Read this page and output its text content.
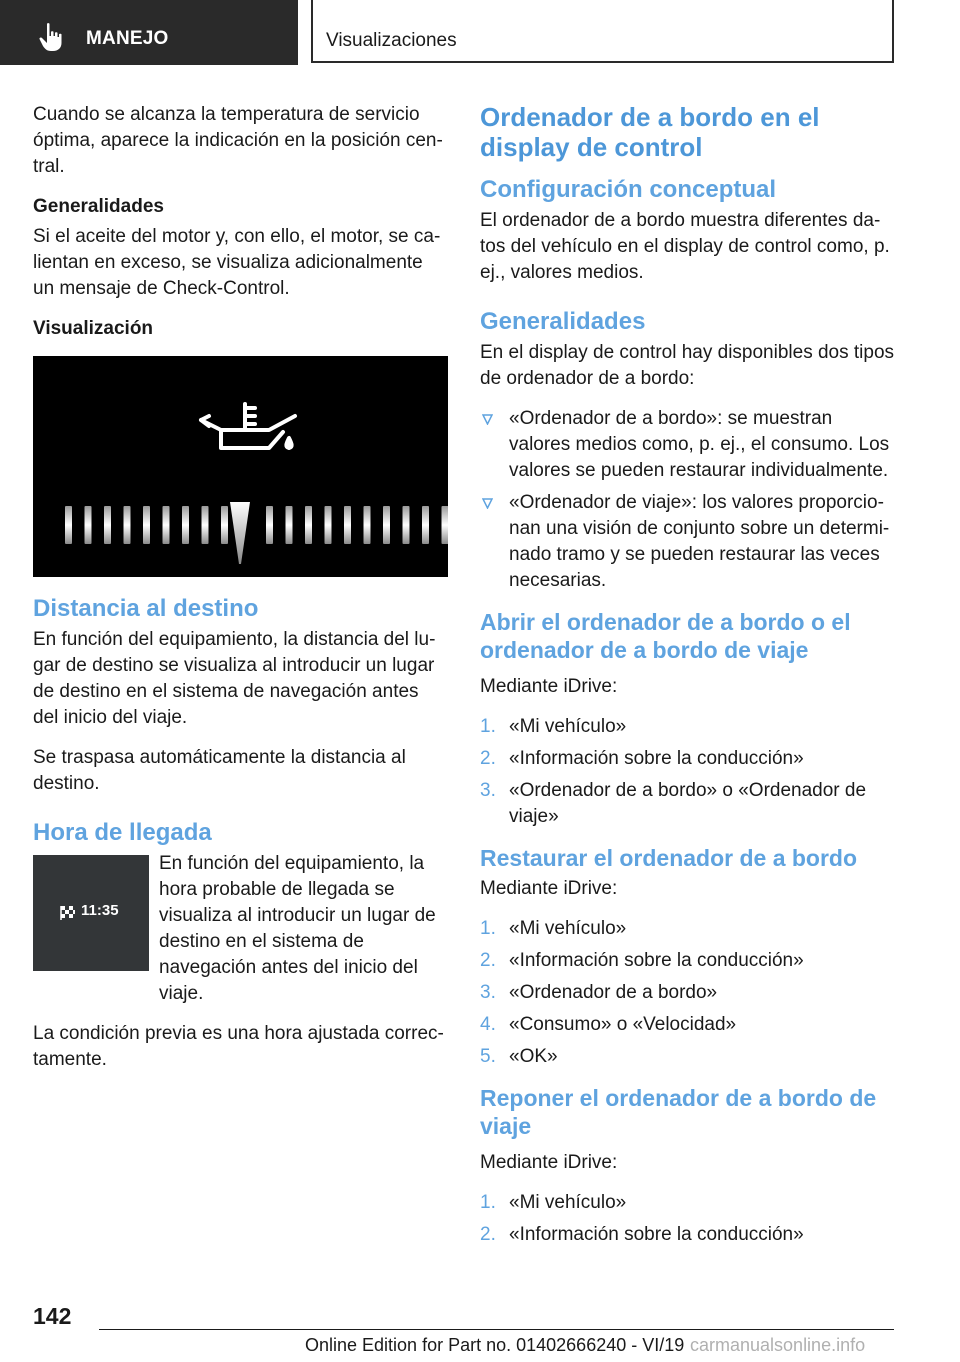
MANEJO	Visualizaciones

Cuando se alcanza la temperatura de servicio óptima, aparece la indicación en la posición central.

Generalidades

Si el aceite del motor y, con ello, el motor, se calientan en exceso, se visualiza adicionalmente un mensaje de Check-Control.

Visualización

Distancia al destino

En función del equipamiento, la distancia del lugar de destino se visualiza al introducir un lugar de destino en el sistema de navegación antes del inicio del viaje.

Se traspasa automáticamente la distancia al destino.

Hora de llegada

11:35

En función del equipamiento, la hora probable de llegada se visualiza al introducir un lugar de destino en el sistema de navegación antes del inicio del viaje.

La condición previa es una hora ajustada correctamente.

Ordenador de a bordo en el display de control

Configuración conceptual

El ordenador de a bordo muestra diferentes datos del vehículo en el display de control como, p. ej., valores medios.

Generalidades

En el display de control hay disponibles dos tipos de ordenador de a bordo:

«Ordenador de a bordo»: se muestran valores medios como, p. ej., el consumo. Los valores se pueden restaurar individualmente.
«Ordenador de viaje»: los valores proporcionan una visión de conjunto sobre un determinado tramo y se pueden restaurar las veces necesarias.

Abrir el ordenador de a bordo o el ordenador de a bordo de viaje

Mediante iDrive:

1. «Mi vehículo»
2. «Información sobre la conducción»
3. «Ordenador de a bordo» o «Ordenador de viaje»

Restaurar el ordenador de a bordo

Mediante iDrive:

1. «Mi vehículo»
2. «Información sobre la conducción»
3. «Ordenador de a bordo»
4. «Consumo» o «Velocidad»
5. «OK»

Reponer el ordenador de a bordo de viaje

Mediante iDrive:

1. «Mi vehículo»
2. «Información sobre la conducción»
142
Online Edition for Part no. 01402666240 - VI/19 carmanualsonline.info
